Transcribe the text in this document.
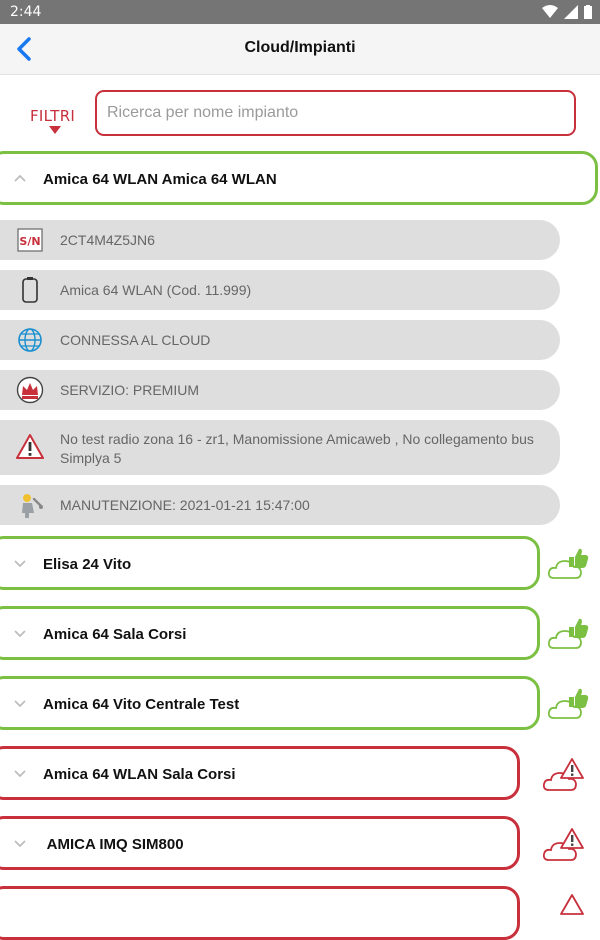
2:44
Cloud/Impianti
FILTRI
Ricerca per nome impianto
Amica 64 WLAN Amica 64 WLAN
S/N 2CT4M4Z5JN6
Amica 64 WLAN (Cod. 11.999)
CONNESSA AL CLOUD
SERVIZIO: PREMIUM
No test radio zona 16 - zr1, Manomissione Amicaweb , No collegamento bus Simplya 5
MANUTENZIONE: 2021-01-21 15:47:00
Elisa 24 Vito
Amica 64 Sala Corsi
Amica 64 Vito Centrale Test
Amica 64 WLAN Sala Corsi
AMICA IMQ SIM800
